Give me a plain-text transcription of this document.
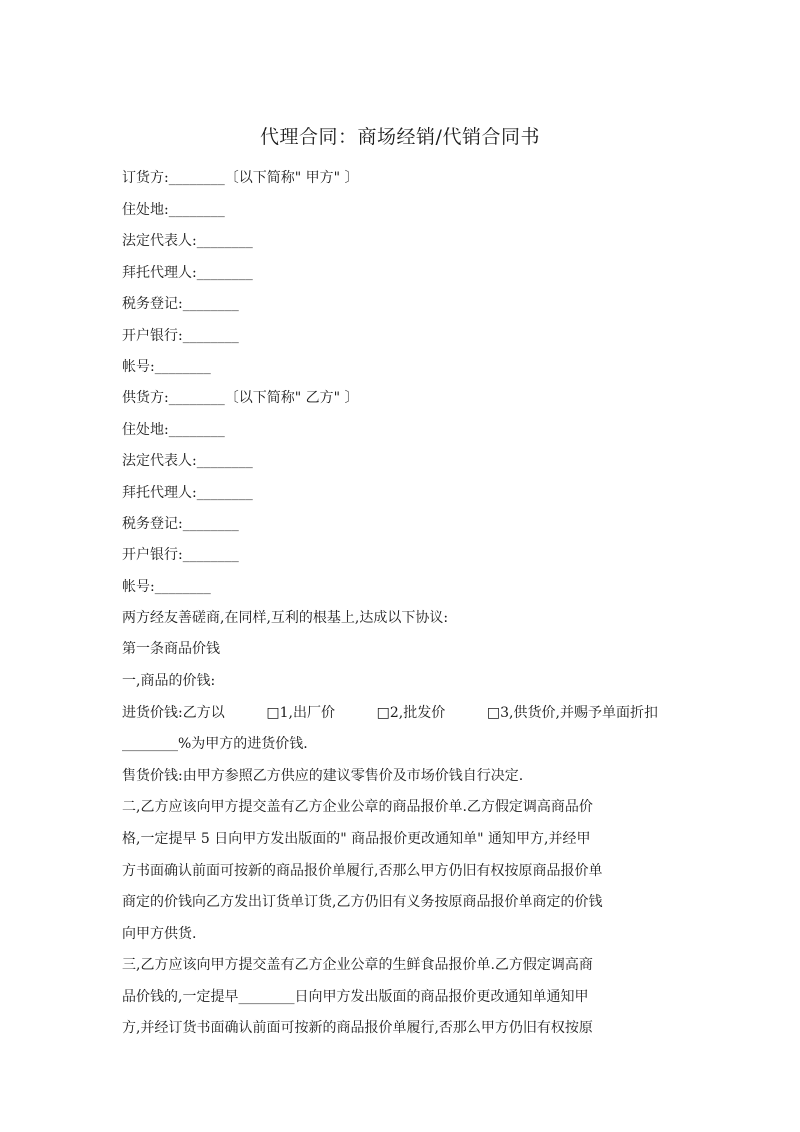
代理合同：商场经销/代销合同书
订货方:________〔以下简称" 甲方" 〕
住处地:________
法定代表人:________
拜托代理人:________
税务登记:________
开户银行:________
帐号:________
供货方:________〔以下简称" 乙方" 〕
住处地:________
法定代表人:________
拜托代理人:________
税务登记:________
开户银行:________
帐号:________
两方经友善磋商,在同样,互利的根基上,达成以下协议:
第一条商品价钱
一,商品的价钱:
进货价钱:乙方以	□1,出厂价	□2,批发价	□3,供货价,并赐予单面折扣
________%为甲方的进货价钱.
售货价钱:由甲方参照乙方供应的建议零售价及市场价钱自行决定.
二,乙方应该向甲方提交盖有乙方企业公章的商品报价单.乙方假定调高商品价
格,一定提早 5 日向甲方发出版面的" 商品报价更改通知单" 通知甲方,并经甲
方书面确认前面可按新的商品报价单履行,否那么甲方仍旧有权按原商品报价单
商定的价钱向乙方发出订货单订货,乙方仍旧有义务按原商品报价单商定的价钱
向甲方供货.
三,乙方应该向甲方提交盖有乙方企业公章的生鲜食品报价单.乙方假定调高商
品价钱的,一定提早________日向甲方发出版面的商品报价更改通知单通知甲
方,并经订货书面确认前面可按新的商品报价单履行,否那么甲方仍旧有权按原
